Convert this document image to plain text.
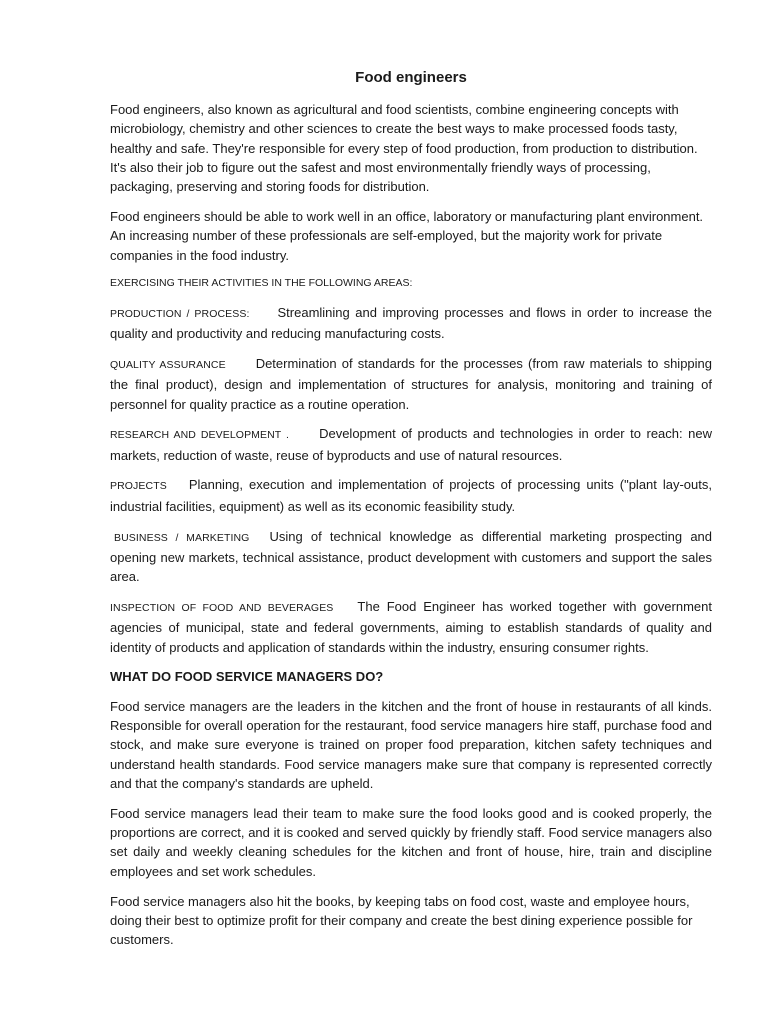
Food engineers

Food engineers, also known as agricultural and food scientists, combine engineering concepts with microbiology, chemistry and other sciences to create the best ways to make processed foods tasty, healthy and safe. They're responsible for every step of food production, from production to distribution. It's also their job to figure out the safest and most environmentally friendly ways of processing, packaging, preserving and storing foods for distribution.

Food engineers should be able to work well in an office, laboratory or manufacturing plant environment. An increasing number of these professionals are self-employed, but the majority work for private companies in the food industry.

EXERCISING THEIR ACTIVITIES IN THE FOLLOWING AREAS:

PRODUCTION / PROCESS: Streamlining and improving processes and flows in order to increase the quality and productivity and reducing manufacturing costs.

QUALITY ASSURANCE Determination of standards for the processes (from raw materials to shipping the final product), design and implementation of structures for analysis, monitoring and training of personnel for quality practice as a routine operation.

RESEARCH AND DEVELOPMENT . Development of products and technologies in order to reach: new markets, reduction of waste, reuse of byproducts and use of natural resources.

PROJECTS Planning, execution and implementation of projects of processing units ("plant lay-outs, industrial facilities, equipment) as well as its economic feasibility study.

BUSINESS / MARKETING Using of technical knowledge as differential marketing prospecting and opening new markets, technical assistance, product development with customers and support the sales area.

INSPECTION OF FOOD AND BEVERAGES The Food Engineer has worked together with government agencies of municipal, state and federal governments, aiming to establish standards of quality and identity of products and application of standards within the industry, ensuring consumer rights.

WHAT DO FOOD SERVICE MANAGERS DO?

Food service managers are the leaders in the kitchen and the front of house in restaurants of all kinds. Responsible for overall operation for the restaurant, food service managers hire staff, purchase food and stock, and make sure everyone is trained on proper food preparation, kitchen safety techniques and understand health standards. Food service managers make sure that company is represented correctly and that the company's standards are upheld.

Food service managers lead their team to make sure the food looks good and is cooked properly, the proportions are correct, and it is cooked and served quickly by friendly staff. Food service managers also set daily and weekly cleaning schedules for the kitchen and front of house, hire, train and discipline employees and set work schedules.

Food service managers also hit the books, by keeping tabs on food cost, waste and employee hours, doing their best to optimize profit for their company and create the best dining experience possible for customers.
